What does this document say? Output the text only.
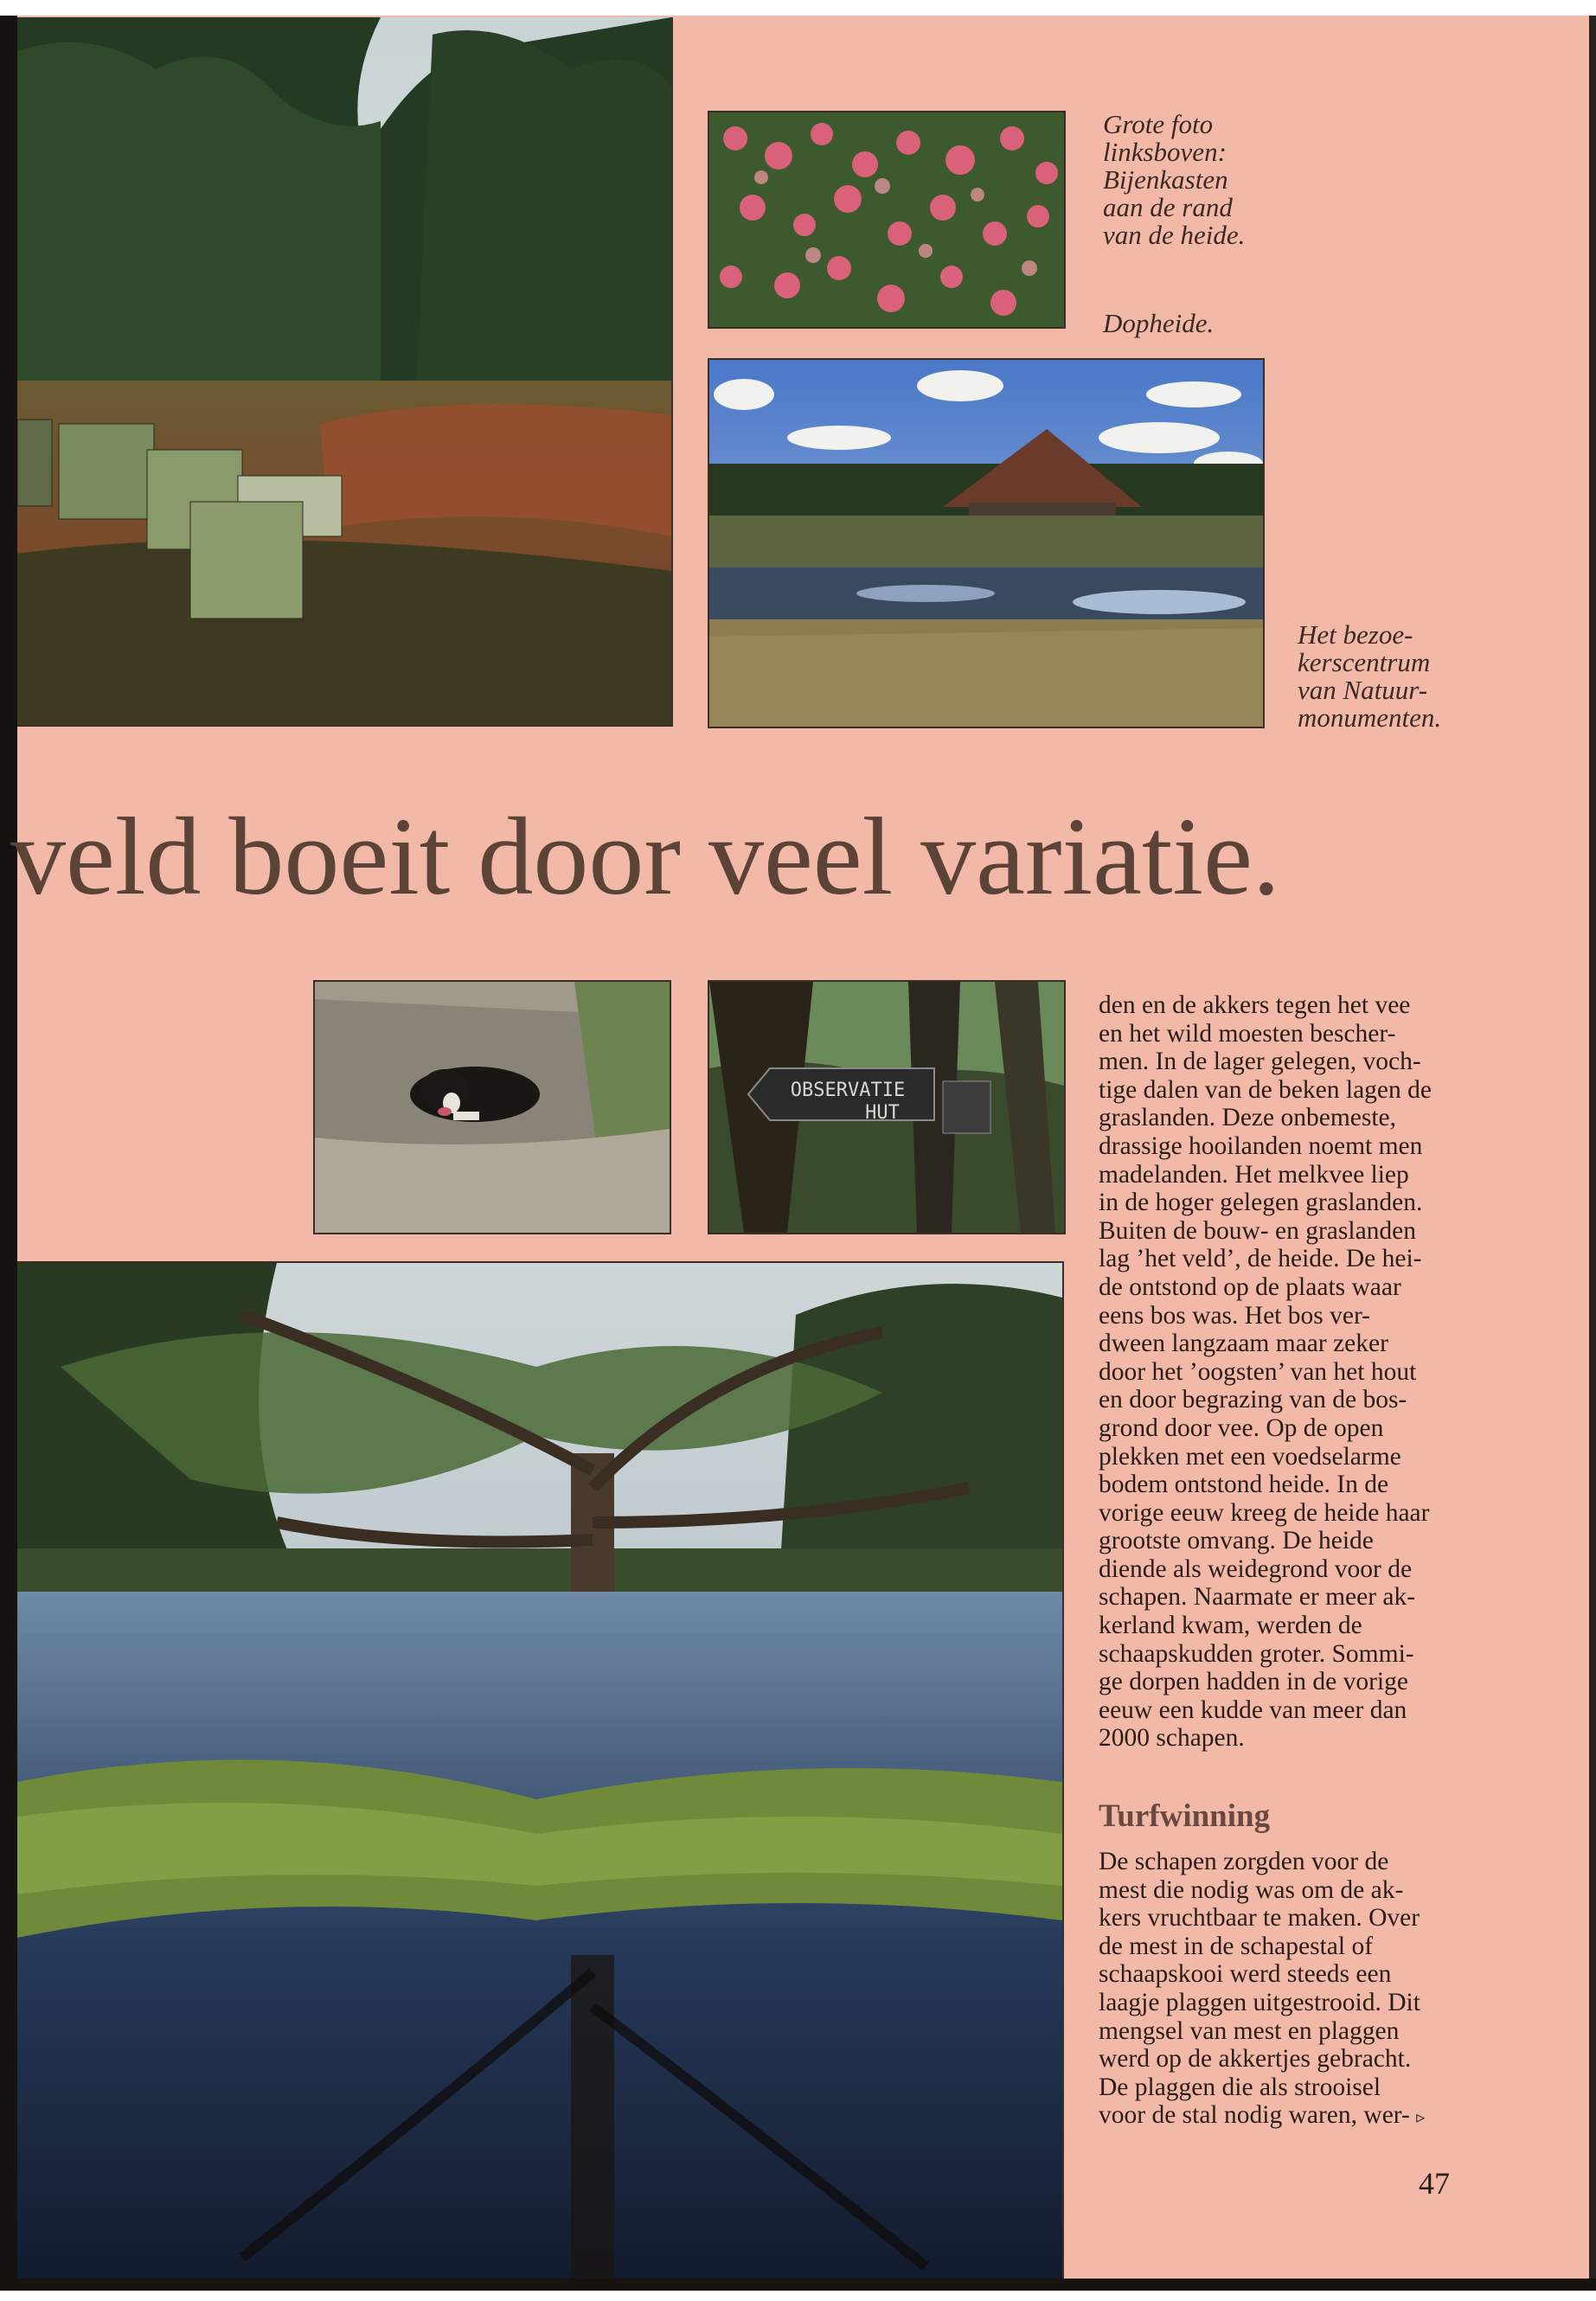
Grote foto
linksboven:
Bijenkasten
aan de rand
van de heide.
Dopheide.
Het bezoe-
kerscentrum
van Natuur-
monumenten.
veld boeit door veel variatie.
OBSERVATIE
HUT
den en de akkers tegen het vee
en het wild moesten bescher-
men. In de lager gelegen, voch-
tige dalen van de beken lagen de
graslanden. Deze onbemeste,
drassige hooilanden noemt men
madelanden. Het melkvee liep
in de hoger gelegen graslanden.
Buiten de bouw- en graslanden
lag ’het veld’, de heide. De hei-
de ontstond op de plaats waar
eens bos was. Het bos ver-
dween langzaam maar zeker
door het ’oogsten’ van het hout
en door begrazing van de bos-
grond door vee. Op de open
plekken met een voedselarme
bodem ontstond heide. In de
vorige eeuw kreeg de heide haar
grootste omvang. De heide
diende als weidegrond voor de
schapen. Naarmate er meer ak-
kerland kwam, werden de
schaapskudden groter. Sommi-
ge dorpen hadden in de vorige
eeuw een kudde van meer dan
2000 schapen.
Turfwinning
De schapen zorgden voor de
mest die nodig was om de ak-
kers vruchtbaar te maken. Over
de mest in de schapestal of
schaapskooi werd steeds een
laagje plaggen uitgestrooid. Dit
mengsel van mest en plaggen
werd op de akkertjes gebracht.
De plaggen die als strooisel
voor de stal nodig waren, wer- ▹
47
